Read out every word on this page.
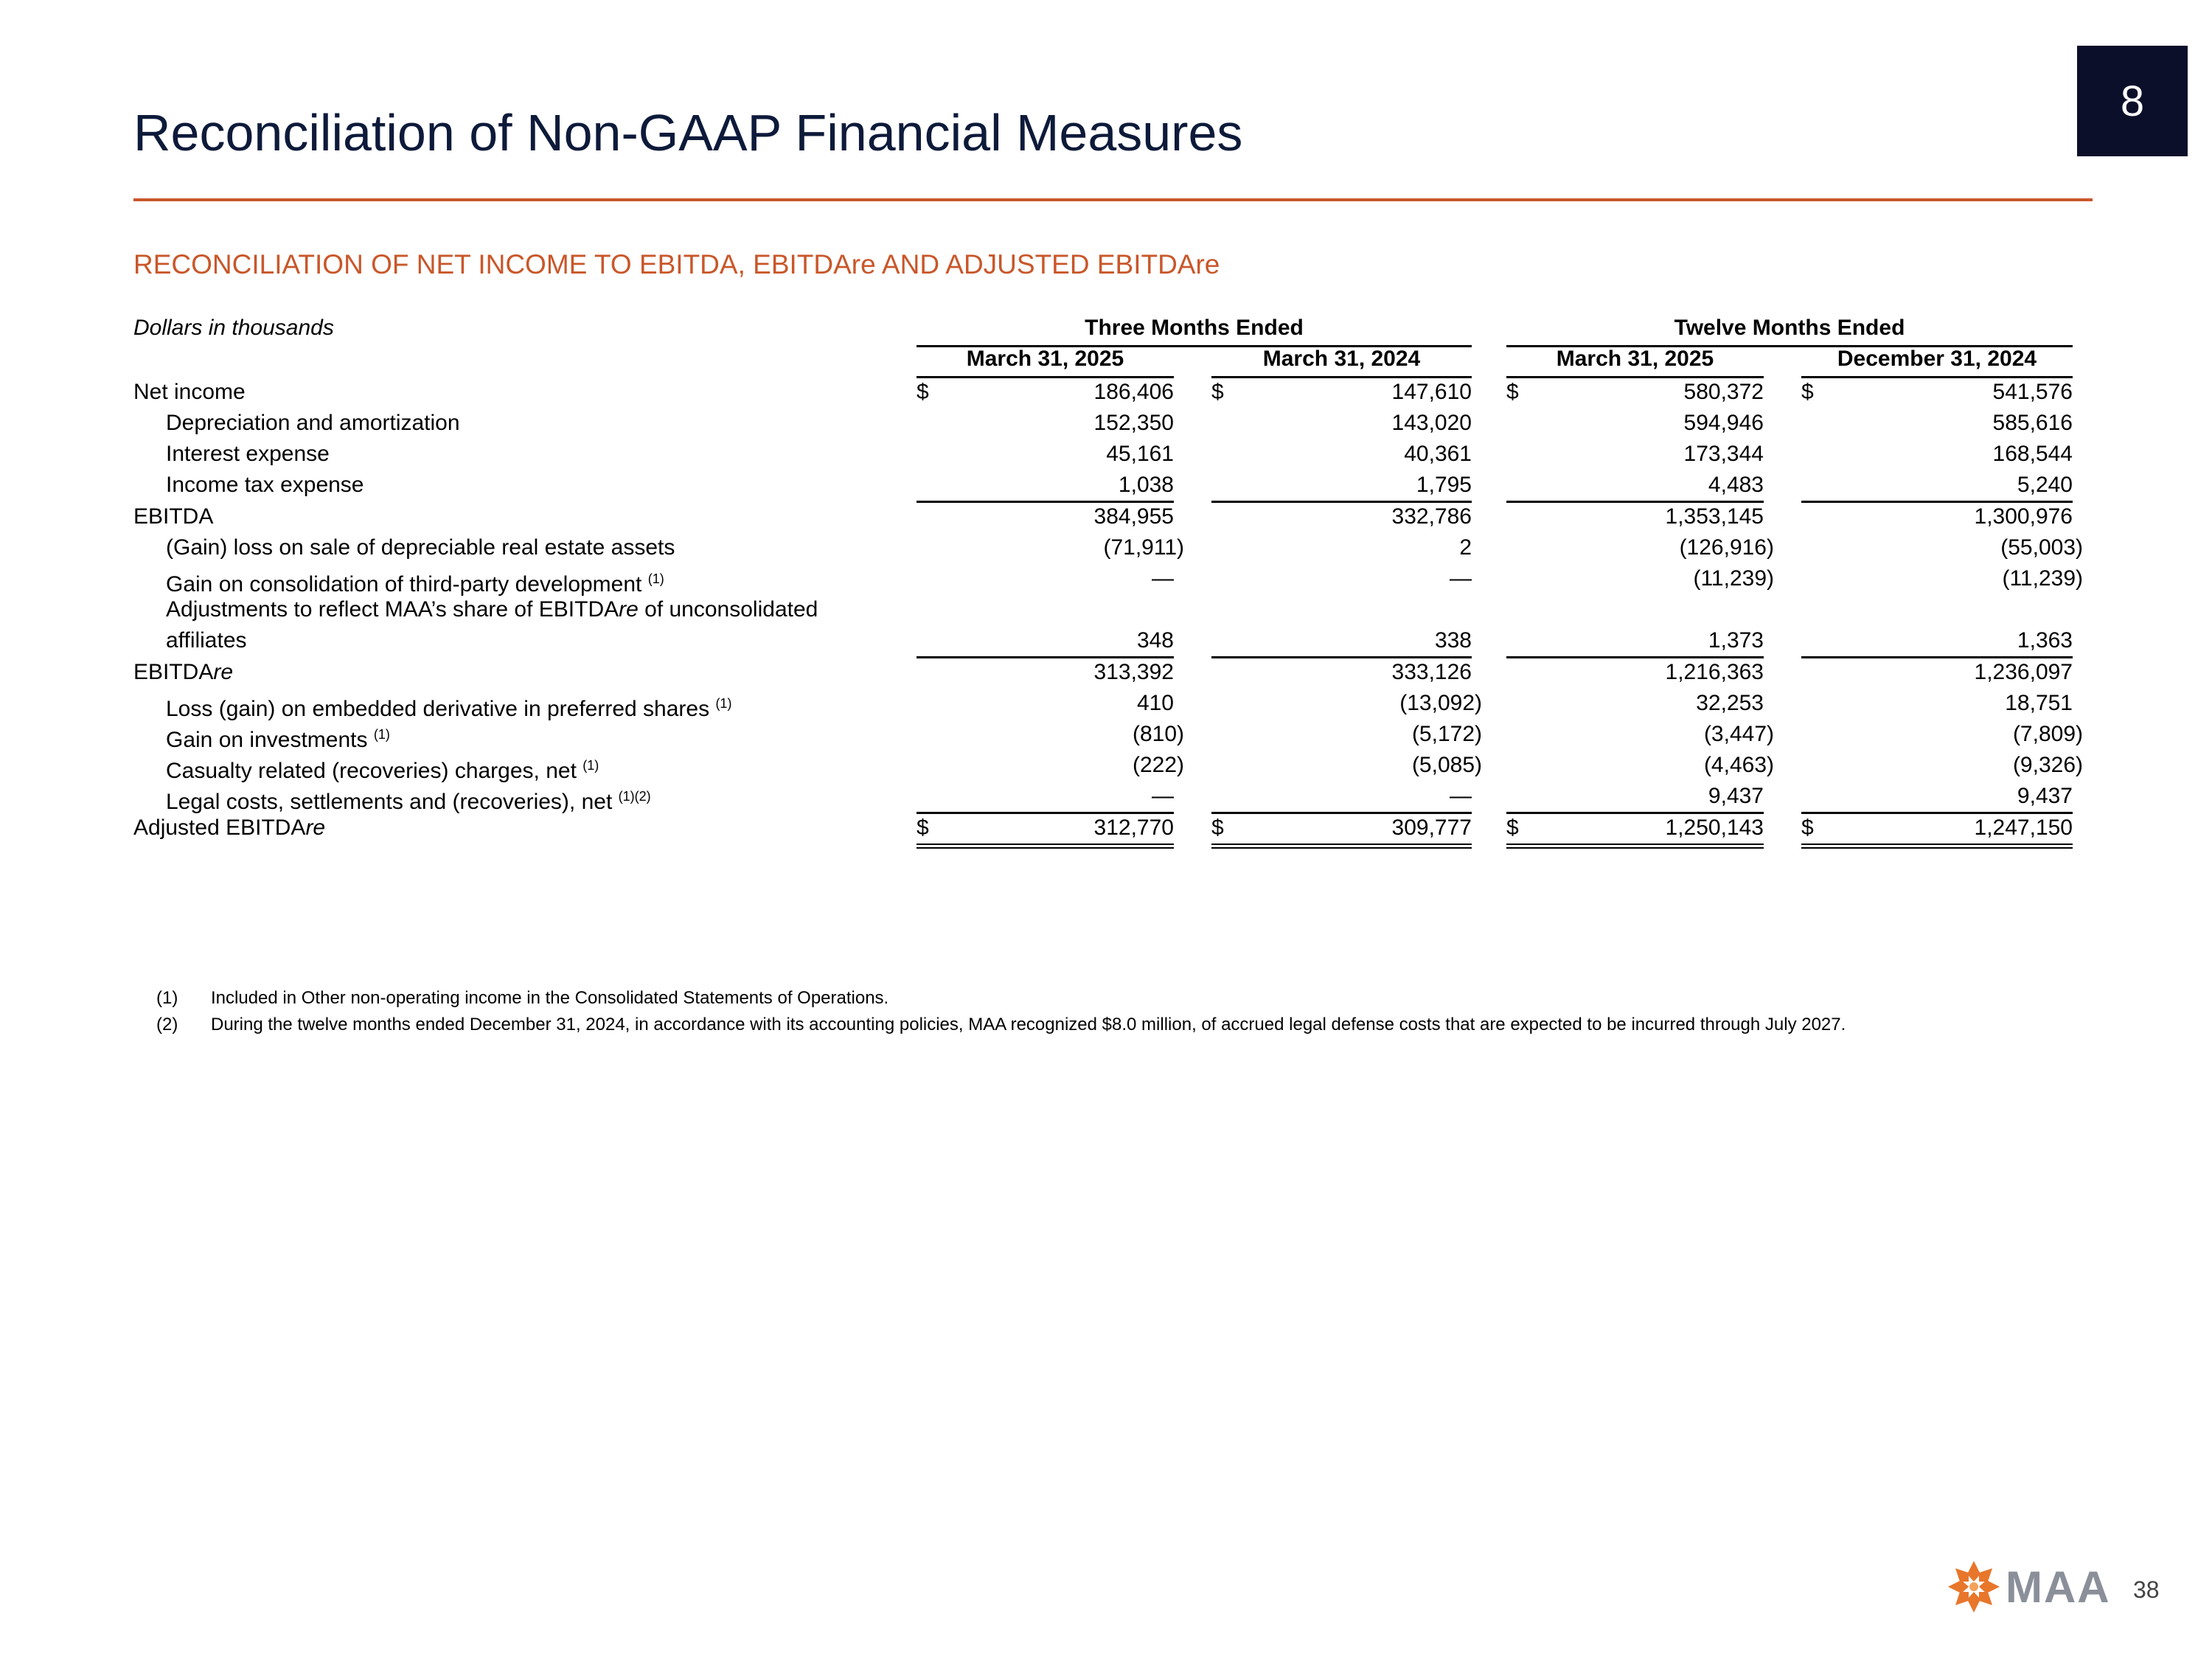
8
Reconciliation of Non-GAAP Financial Measures
RECONCILIATION OF NET INCOME TO EBITDA, EBITDAre AND ADJUSTED EBITDAre
Dollars in thousands	Three Months Ended	Twelve Months Ended
March 31, 2025	March 31, 2024	March 31, 2025	December 31, 2024
Net income	$	186,406 $	147,610 $	580,372 $	541,576
Depreciation and amortization	152,350	143,020	594,946	585,616
Interest expense	45,161	40,361	173,344	168,544
Income tax expense	1,038	1,795	4,483	5,240
EBITDA	384,955	332,786	1,353,145	1,300,976
(Gain) loss on sale of depreciable real estate assets	(71,911)	2	(126,916)	(55,003)
Gain on consolidation of third-party development $^{(1)}$	—	—	(11,239)	(11,239)
Adjustments to reflect MAA’s share of EBITDAre of unconsolidated
affiliates	348	338	1,373	1,363
EBITDAre	313,392	333,126	1,216,363	1,236,097
Loss (gain) on embedded derivative in preferred shares $^{(1)}$	410	(13,092)	32,253	18,751
Gain on investments $^{(1)}$	(810)	(5,172)	(3,447)	(7,809)
Casualty related (recoveries) charges, net $^{(1)}$	(222)	(5,085)	(4,463)	(9,326)
Legal costs, settlements and (recoveries), net $^{(1)(2)}$	—	—	9,437	9,437
Adjusted EBITDAre	$	312,770 $	309,777 $	1,250,143 $	1,247,150
(1) Included in Other non-operating income in the Consolidated Statements of Operations.
(2) During the twelve months ended December 31, 2024, in accordance with its accounting policies, MAA recognized $8.0 million, of accrued legal defense costs that are expected to be incurred through July 2027.
MAA 38
